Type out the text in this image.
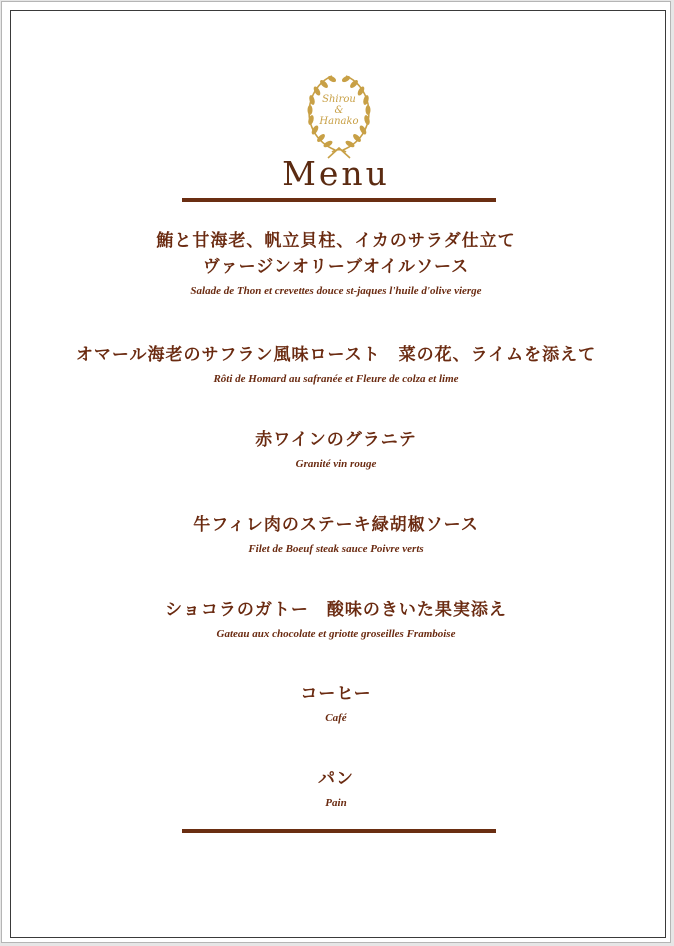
Shirou
&
Hanako
Menu
鮪と甘海老、帆立貝柱、イカのサラダ仕立て
ヴァージンオリーブオイルソース
Salade de Thon et crevettes douce st-jaques l'huile d'olive vierge
オマール海老のサフラン風味ロースト　菜の花、ライムを添えて
Rôti de Homard au safranée et Fleure de colza et lime
赤ワインのグラニテ
Granité vin rouge
牛フィレ肉のステーキ緑胡椒ソース
Filet de Boeuf steak sauce Poivre verts
ショコラのガトー　酸味のきいた果実添え
Gateau aux chocolate et griotte groseilles Framboise
コーヒー
Café
パン
Pain
